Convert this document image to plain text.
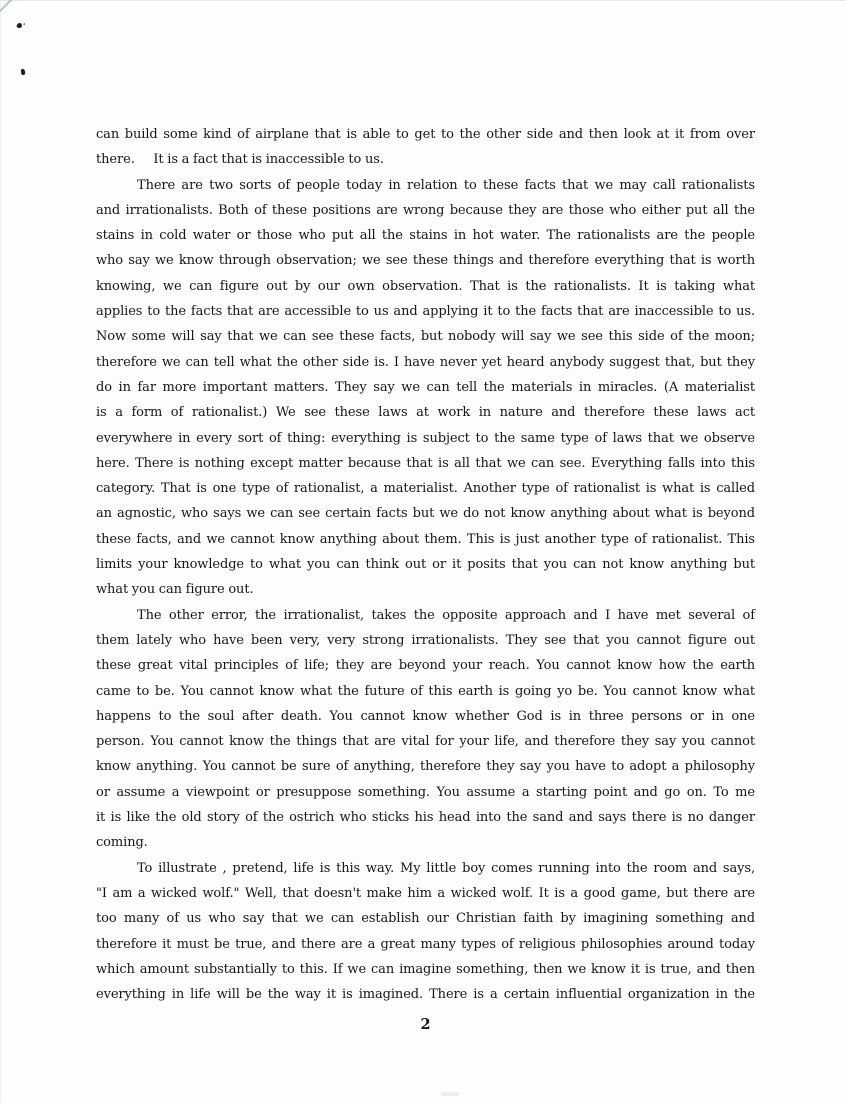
can build some kind of airplane that is able to get to the other side and then look at it from over
there.     It is a fact that is inaccessible to us.
There are two sorts of people today in relation to these facts that we may call rationalists
and irrationalists. Both of these positions are wrong because they are those who either put all the
stains in cold water or those who put all the stains in hot water. The rationalists are the people
who say we know through observation; we see these things and therefore everything that is worth
knowing, we can figure out by our own observation. That is the rationalists. It is taking what
applies to the facts that are accessible to us and applying it to the facts that are inaccessible to us.
Now some will say that we can see these facts, but nobody will say we see this side of the moon;
therefore we can tell what the other side is. I have never yet heard anybody suggest that, but they
do in far more important matters. They say we can tell the materials in miracles. (A materialist
is a form of rationalist.) We see these laws at work in nature and therefore these laws act
everywhere in every sort of thing: everything is subject to the same type of laws that we observe
here. There is nothing except matter because that is all that we can see. Everything falls into this
category. That is one type of rationalist, a materialist. Another type of rationalist is what is called
an agnostic, who says we can see certain facts but we do not know anything about what is beyond
these facts, and we cannot know anything about them. This is just another type of rationalist. This
limits your knowledge to what you can think out or it posits that you can not know anything but
what you can figure out.
The other error, the irrationalist, takes the opposite approach and I have met several of
them lately who have been very, very strong irrationalists. They see that you cannot figure out
these great vital principles of life; they are beyond your reach. You cannot know how the earth
came to be. You cannot know what the future of this earth is going yo be. You cannot know what
happens to the soul after death. You cannot know whether God is in three persons or in one
person. You cannot know the things that are vital for your life, and therefore they say you cannot
know anything. You cannot be sure of anything, therefore they say you have to adopt a philosophy
or assume a viewpoint or presuppose something. You assume a starting point and go on. To me
it is like the old story of the ostrich who sticks his head into the sand and says there is no danger
coming.
To illustrate , pretend, life is this way. My little boy comes running into the room and says,
"I am a wicked wolf." Well, that doesn't make him a wicked wolf. It is a good game, but there are
too many of us who say that we can establish our Christian faith by imagining something and
therefore it must be true, and there are a great many types of religious philosophies around today
which amount substantially to this. If we can imagine something, then we know it is true, and then
everything in life will be the way it is imagined. There is a certain influential organization in the
2
